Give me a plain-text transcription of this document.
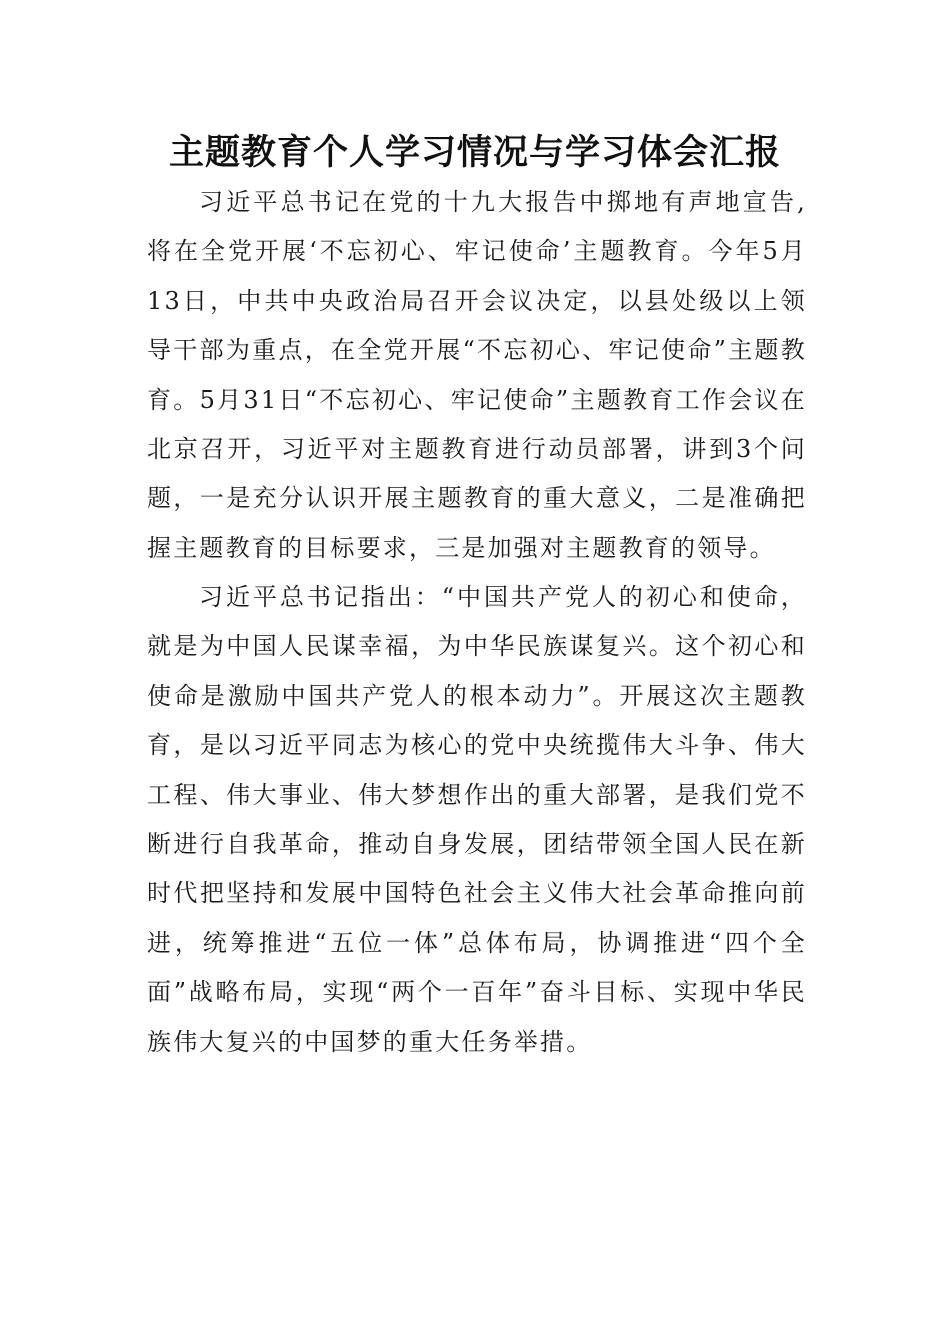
主题教育个人学习情况与学习体会汇报

习近平总书记在党的十九大报告中掷地有声地宣告,将在全党开展‘不忘初心、牢记使命’主题教育。今年5月13日，中共中央政治局召开会议决定，以县处级以上领导干部为重点，在全党开展“不忘初心、牢记使命”主题教育。5月31日“不忘初心、牢记使命”主题教育工作会议在北京召开，习近平对主题教育进行动员部署，讲到3个问题，一是充分认识开展主题教育的重大意义，二是准确把握主题教育的目标要求，三是加强对主题教育的领导。

习近平总书记指出：“中国共产党人的初心和使命，就是为中国人民谋幸福，为中华民族谋复兴。这个初心和使命是激励中国共产党人的根本动力”。开展这次主题教育，是以习近平同志为核心的党中央统揽伟大斗争、伟大工程、伟大事业、伟大梦想作出的重大部署，是我们党不断进行自我革命，推动自身发展，团结带领全国人民在新时代把坚持和发展中国特色社会主义伟大社会革命推向前进，统筹推进“五位一体”总体布局，协调推进“四个全面”战略布局，实现“两个一百年”奋斗目标、实现中华民族伟大复兴的中国梦的重大任务举措。
